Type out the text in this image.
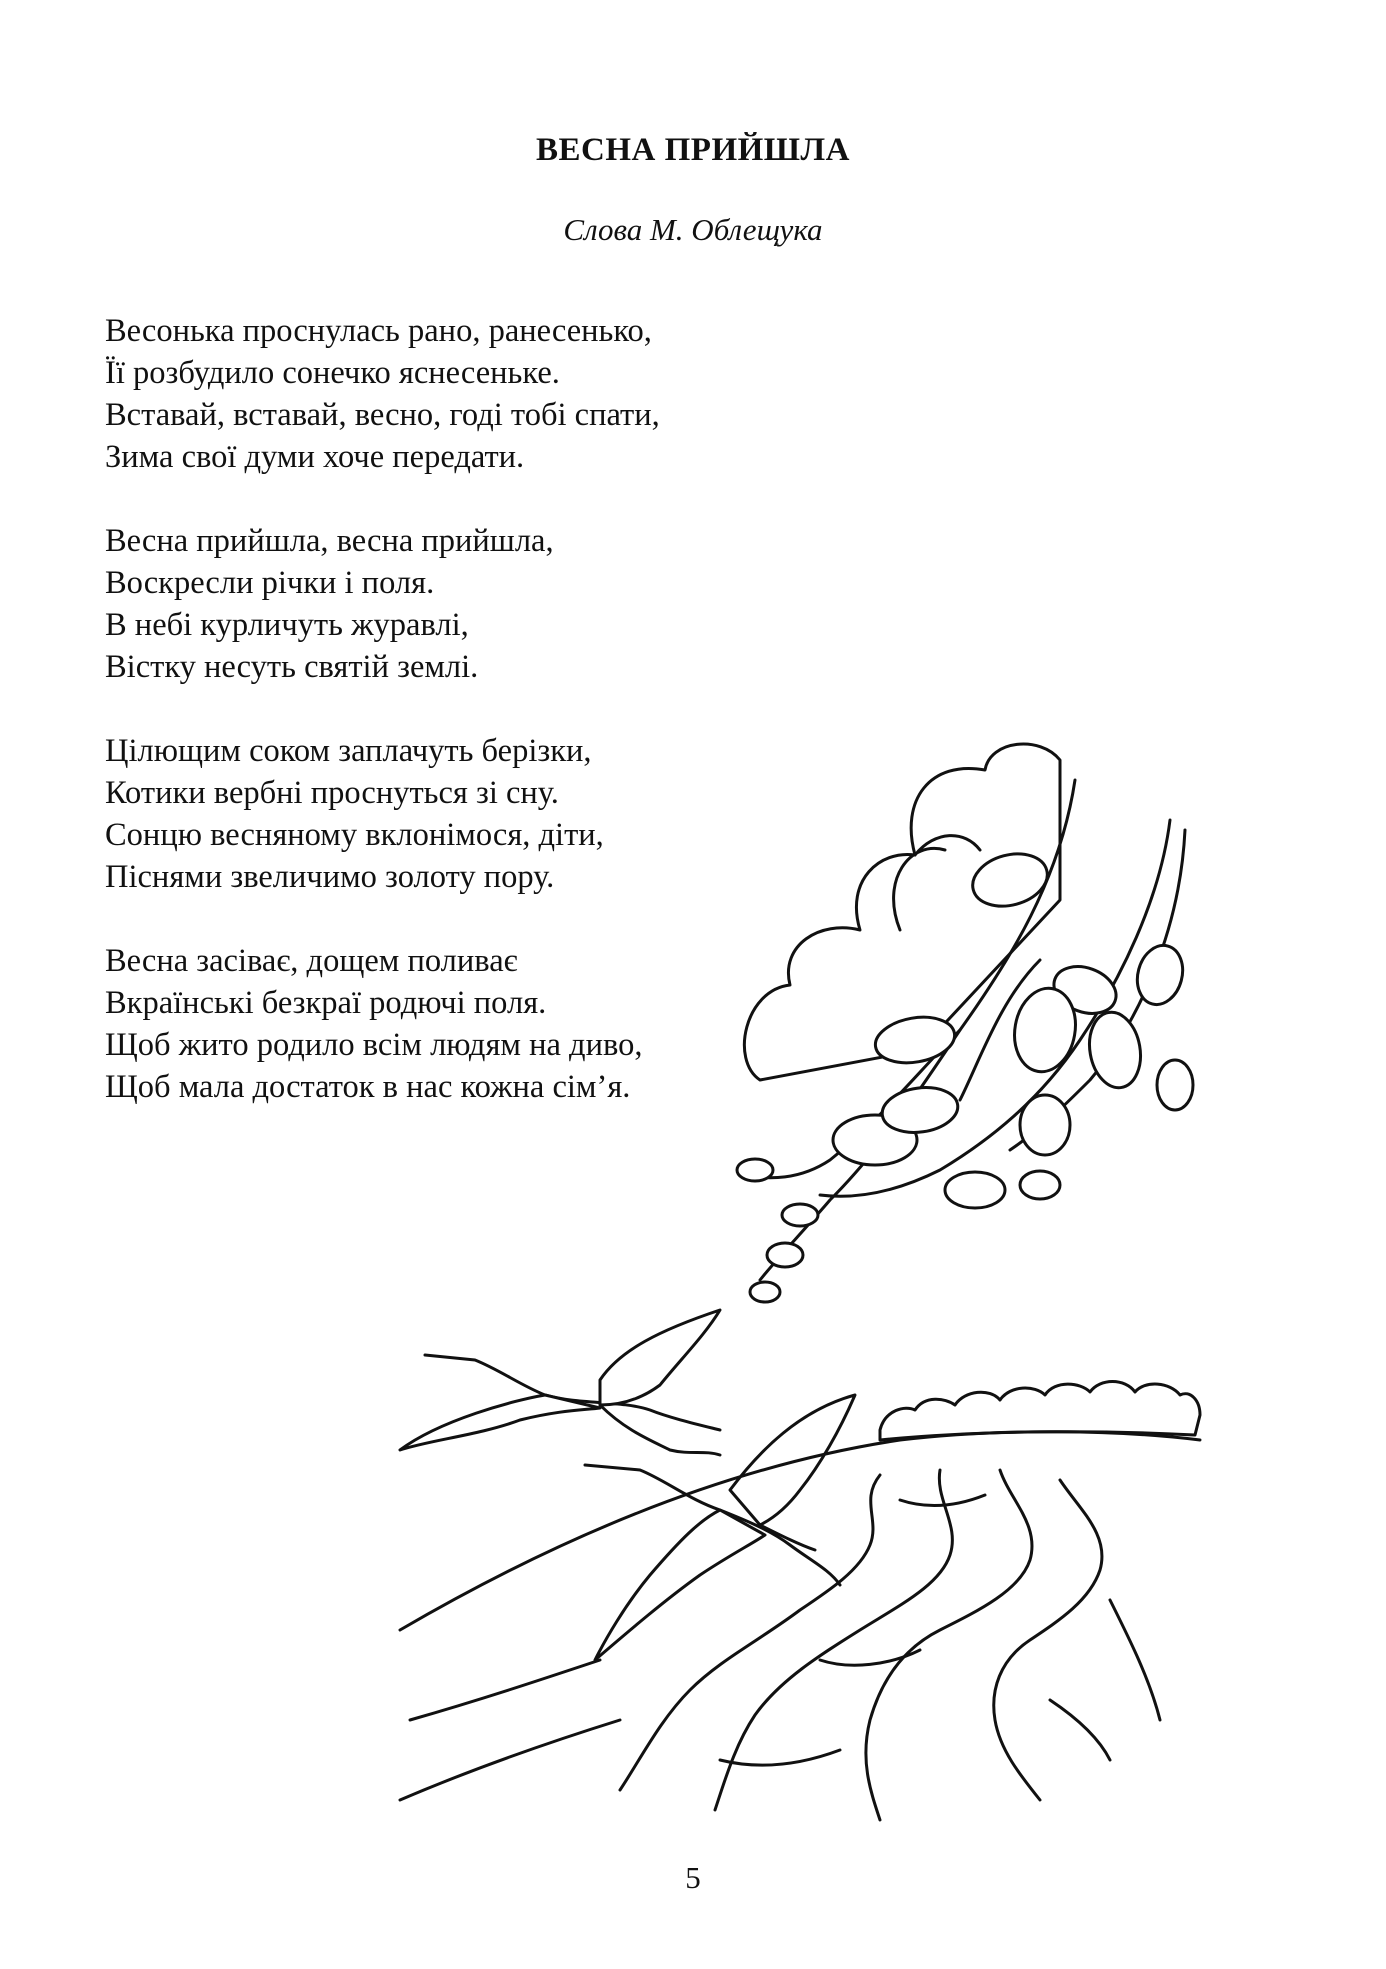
ВЕСНА ПРИЙШЛА
Слова М. Облещука

Весонька проснулась рано, ранесенько,
Її розбудило сонечко яснесеньке.
Вставай, вставай, весно, годі тобі спати,
Зима свої думи хоче передати.

Весна прийшла, весна прийшла,
Воскресли річки і поля.
В небі курличуть журавлі,
Вістку несуть святій землі.

Цілющим соком заплачуть берізки,
Котики вербні проснуться зі сну.
Сонцю весняному вклонімося, діти,
Піснями звеличимо золоту пору.

Весна засіває, дощем поливає
Вкраїнські безкраї родючі поля.
Щоб жито родило всім людям на диво,
Щоб мала достаток в нас кожна сім’я.

5
